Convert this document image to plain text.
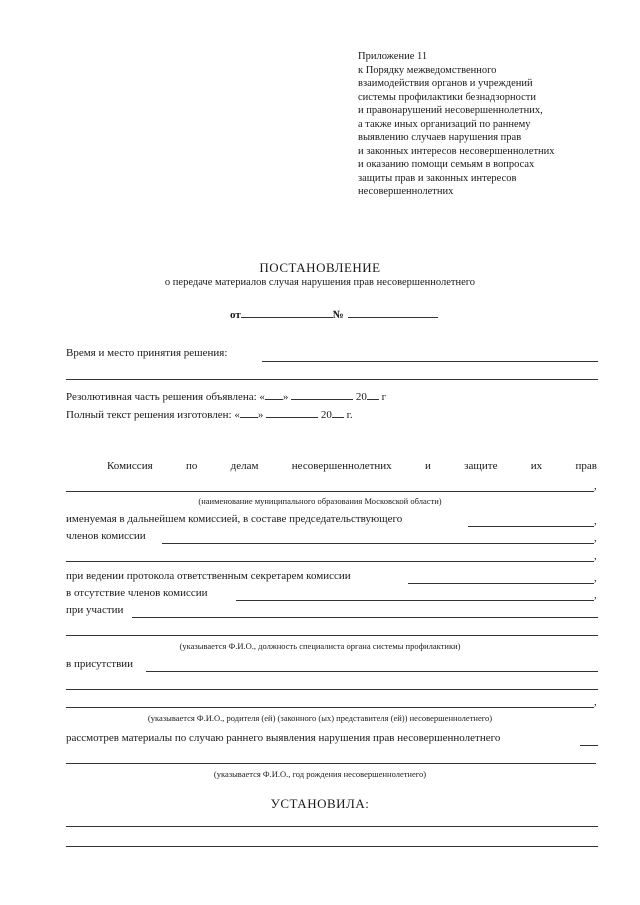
Приложение 11
к Порядку межведомственного
взаимодействия органов и учреждений
системы профилактики безнадзорности
и правонарушений несовершеннолетних,
а также иных организаций по раннему
выявлению случаев нарушения прав
и законных интересов несовершеннолетних
и оказанию помощи семьям в вопросах
защиты прав и законных интересов
несовершеннолетних
ПОСТАНОВЛЕНИЕ
о передаче материалов случая нарушения прав несовершеннолетнего
от	№
Время и место принятия решения:
Резолютивная часть решения объявлена: « »	20 г
Полный текст решения изготовлен: « »	20 г.
Комиссия	по	делам	несовершеннолетних	и	защите	их	прав
,
(наименование муниципального образования Московской области)
именуемая в дальнейшем комиссией, в составе председательствующего	,
членов комиссии	,
,
при ведении протокола ответственным секретарем комиссии	,
в отсутствие членов комиссии	,
при участии
(указывается Ф.И.О., должность специалиста органа системы профилактики)
в присутствии
,
(указывается Ф.И.О., родителя (ей) (законного (ых) представителя (ей)) несовершеннолетнего)
рассмотрев материалы по случаю раннего выявления нарушения прав несовершеннолетнего
(указывается Ф.И.О., год рождения несовершеннолетнего)
УСТАНОВИЛА:
